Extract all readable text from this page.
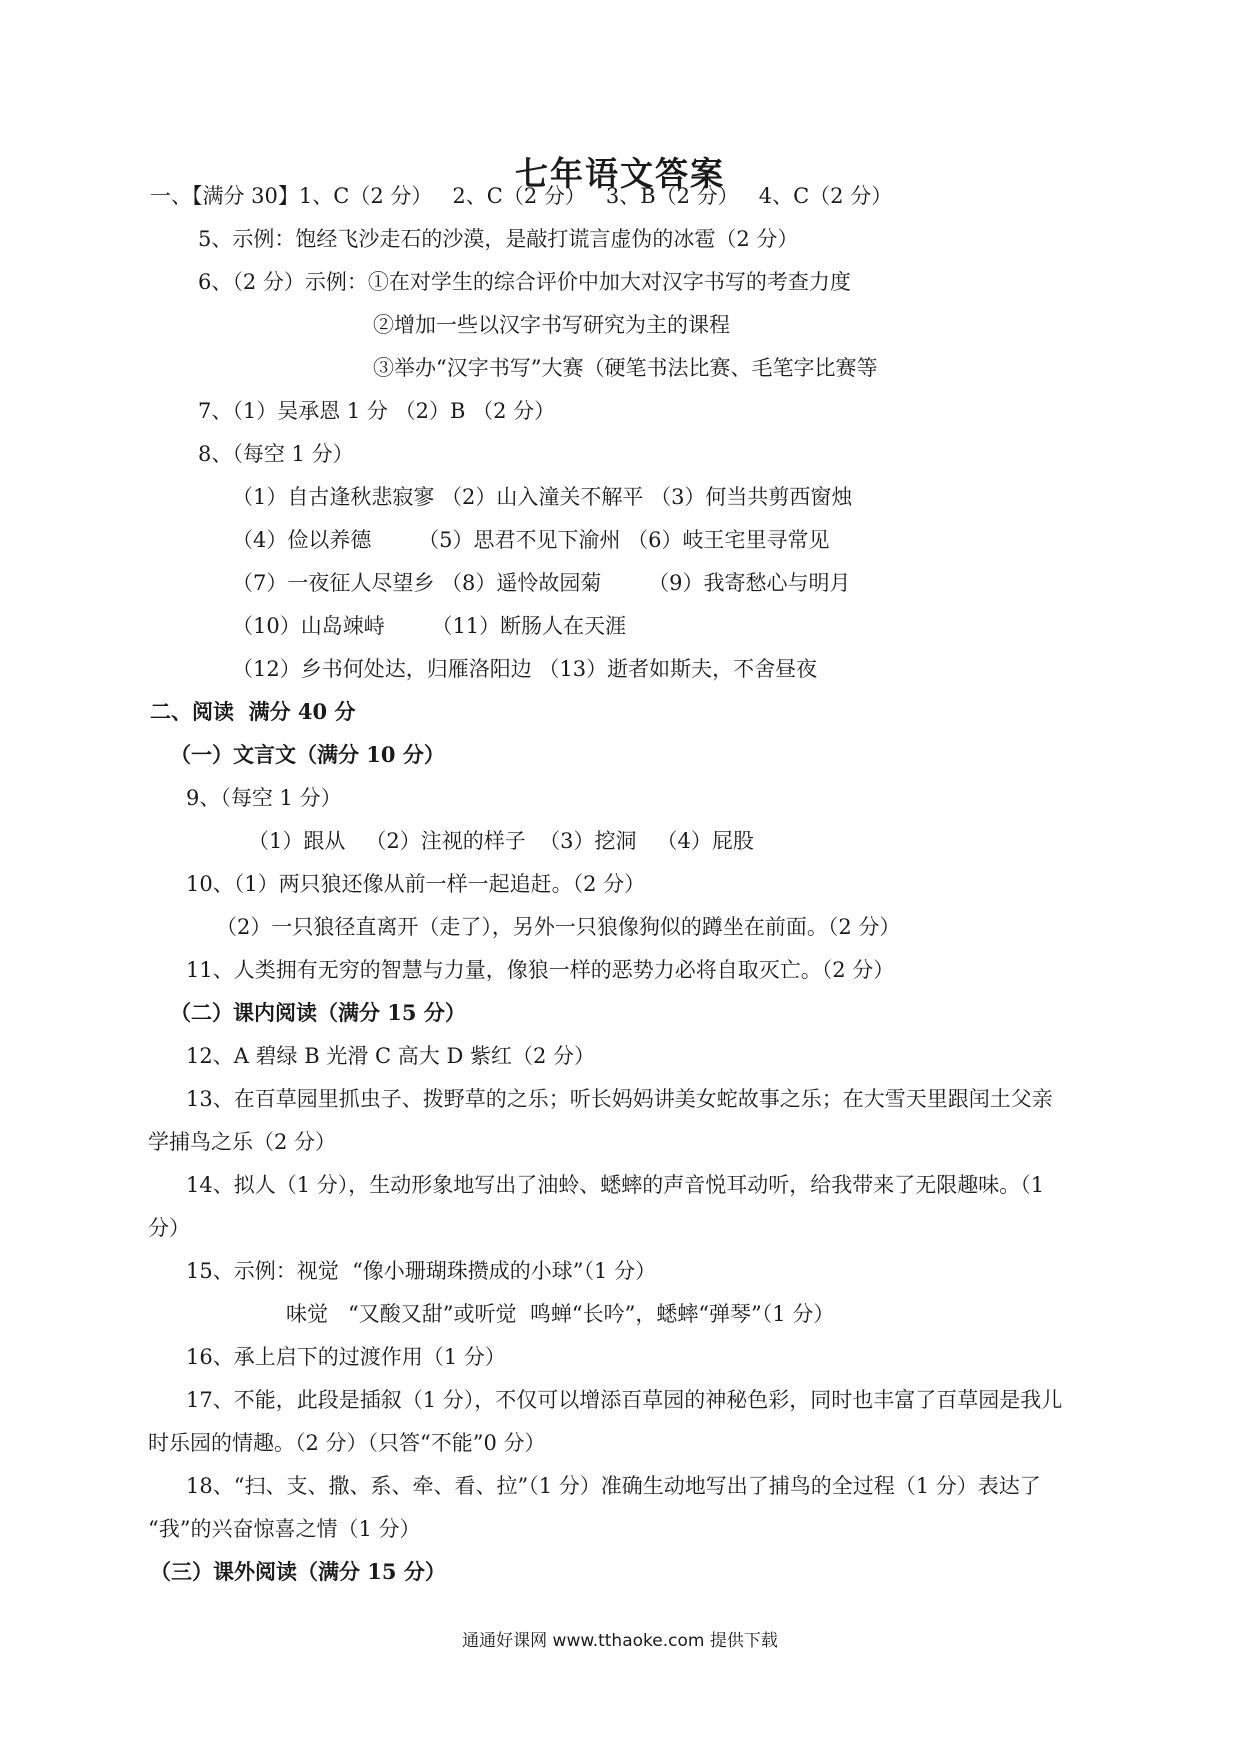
七年语文答案
一、【满分 30】1、C（2 分）   2、C（2 分）   3、B（2 分）   4、C（2 分）
5、示例：饱经飞沙走石的沙漠，是敲打谎言虚伪的冰雹（2 分）
6、（2 分）示例：①在对学生的综合评价中加大对汉字书写的考查力度
②增加一些以汉字书写研究为主的课程
③举办“汉字书写”大赛（硬笔书法比赛、毛笔字比赛等
7、（1）吴承恩 1 分 （2）B （2 分）
8、（每空 1 分）
（1）自古逢秋悲寂寥 （2）山入潼关不解平 （3）何当共剪西窗烛
（4）俭以养德       （5）思君不见下渝州 （6）岐王宅里寻常见
（7）一夜征人尽望乡 （8）遥怜故园菊       （9）我寄愁心与明月
（10）山岛竦峙       （11）断肠人在天涯
（12）乡书何处达，归雁洛阳边 （13）逝者如斯夫，不舍昼夜
二、阅读  满分 40 分
（一）文言文（满分 10 分）
9、（每空 1 分）
（1）跟从   （2）注视的样子  （3）挖洞   （4）屁股
10、（1）两只狼还像从前一样一起追赶。（2 分）
（2）一只狼径直离开（走了），另外一只狼像狗似的蹲坐在前面。（2 分）
11、人类拥有无穷的智慧与力量，像狼一样的恶势力必将自取灭亡。（2 分）
（二）课内阅读（满分 15 分）
12、A 碧绿 B 光滑 C 高大 D 紫红（2 分）
13、在百草园里抓虫子、拨野草的之乐；听长妈妈讲美女蛇故事之乐；在大雪天里跟闰土父亲
学捕鸟之乐（2 分）
14、拟人（1 分），生动形象地写出了油蛉、蟋蟀的声音悦耳动听，给我带来了无限趣味。（1
分）
15、示例：视觉  “像小珊瑚珠攒成的小球”（1 分）
味觉   “又酸又甜”或听觉  鸣蝉“长吟”，蟋蟀“弹琴”（1 分）
16、承上启下的过渡作用（1 分）
17、不能，此段是插叙（1 分），不仅可以增添百草园的神秘色彩，同时也丰富了百草园是我儿
时乐园的情趣。（2 分）（只答“不能”0 分）
18、“扫、支、撒、系、牵、看、拉”（1 分）准确生动地写出了捕鸟的全过程（1 分）表达了
“我”的兴奋惊喜之情（1 分）
（三）课外阅读（满分 15 分）
通通好课网 www.tthaoke.com 提供下载
